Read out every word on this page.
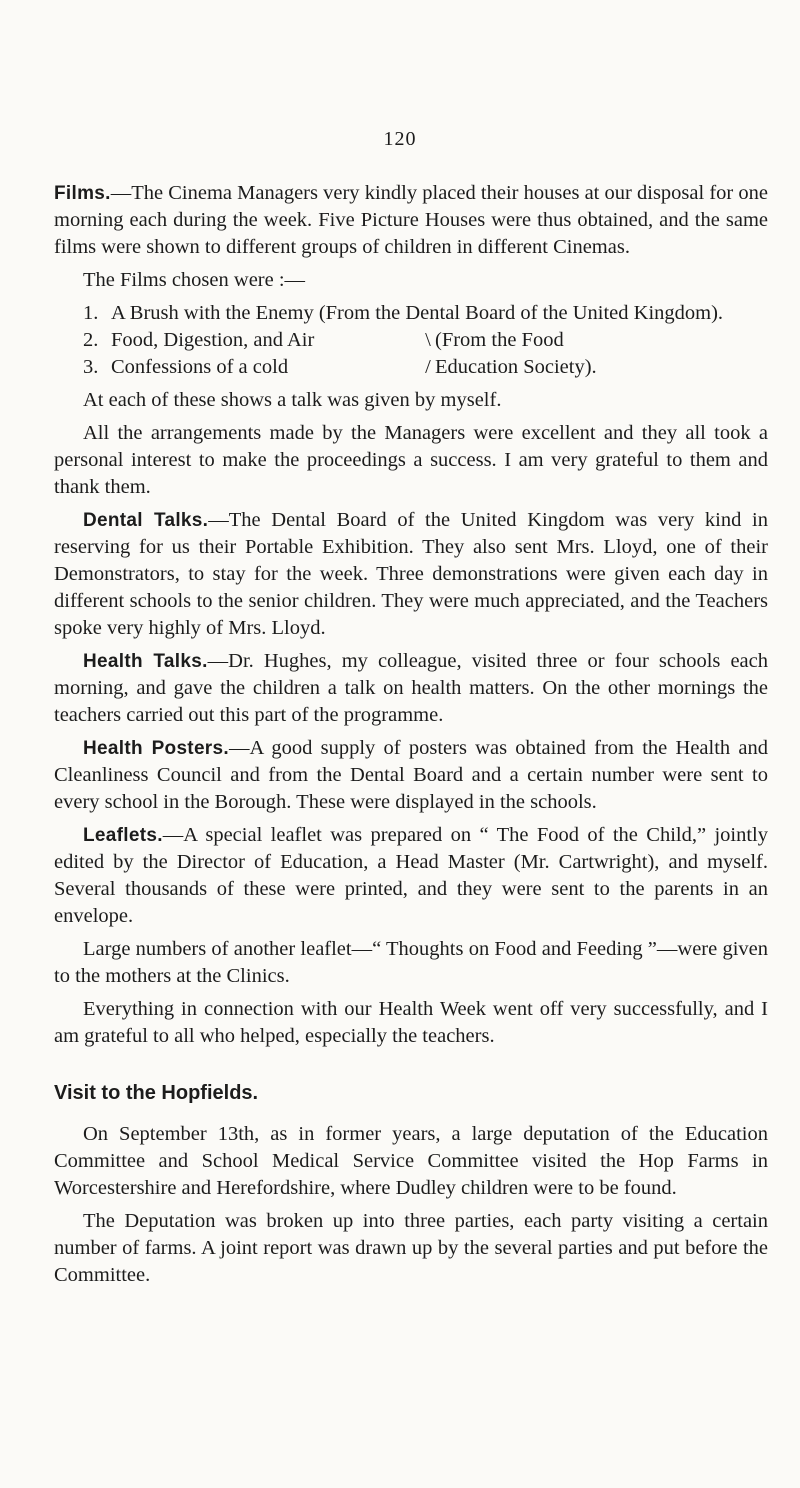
120

Films.—The Cinema Managers very kindly placed their houses at our disposal for one morning each during the week. Five Picture Houses were thus obtained, and the same films were shown to different groups of children in different Cinemas.

The Films chosen were :—

1. A Brush with the Enemy (From the Dental Board of the United Kingdom).
2. Food, Digestion, and Air	\ (From the Food
3. Confessions of a cold	/ Education Society).

At each of these shows a talk was given by myself.

All the arrangements made by the Managers were excellent and they all took a personal interest to make the proceedings a success. I am very grateful to them and thank them.

Dental Talks.—The Dental Board of the United Kingdom was very kind in reserving for us their Portable Exhibition. They also sent Mrs. Lloyd, one of their Demonstrators, to stay for the week. Three demonstrations were given each day in different schools to the senior children. They were much appreciated, and the Teachers spoke very highly of Mrs. Lloyd.

Health Talks.—Dr. Hughes, my colleague, visited three or four schools each morning, and gave the children a talk on health matters. On the other mornings the teachers carried out this part of the programme.

Health Posters.—A good supply of posters was obtained from the Health and Cleanliness Council and from the Dental Board and a certain number were sent to every school in the Borough. These were displayed in the schools.

Leaflets.—A special leaflet was prepared on “ The Food of the Child,” jointly edited by the Director of Education, a Head Master (Mr. Cartwright), and myself. Several thousands of these were printed, and they were sent to the parents in an envelope.

Large numbers of another leaflet—“ Thoughts on Food and Feeding ”—were given to the mothers at the Clinics.

Everything in connection with our Health Week went off very successfully, and I am grateful to all who helped, especially the teachers.

Visit to the Hopfields.

On September 13th, as in former years, a large deputation of the Education Committee and School Medical Service Committee visited the Hop Farms in Worcestershire and Herefordshire, where Dudley children were to be found.

The Deputation was broken up into three parties, each party visiting a certain number of farms. A joint report was drawn up by the several parties and put before the Committee.
